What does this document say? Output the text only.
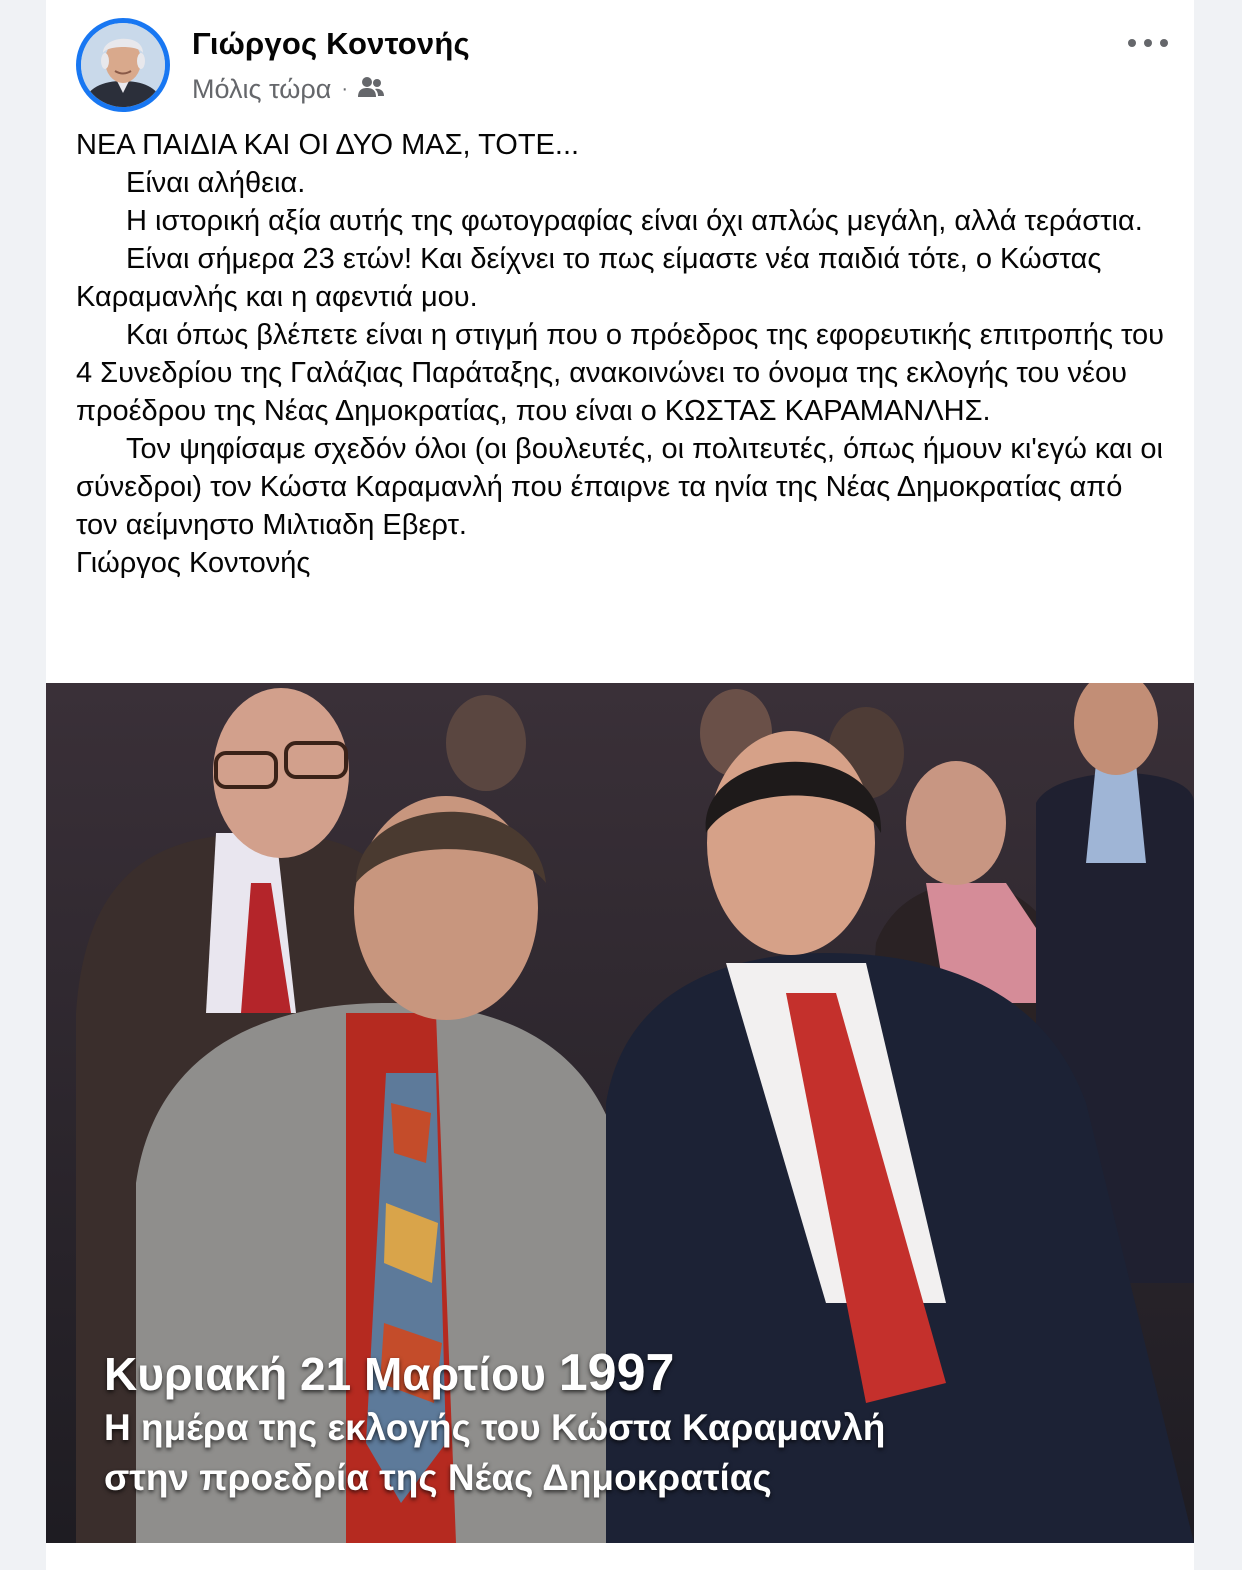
Γιώργος Κοντονής
Μόλις τώρα ·

ΝΕΑ ΠΑΙΔΙΑ ΚΑΙ ΟΙ ΔΥΟ ΜΑΣ, ΤΟΤΕ...

Είναι αλήθεια.

Η ιστορική αξία αυτής της φωτογραφίας είναι όχι απλώς μεγάλη, αλλά τεράστια.

Είναι σήμερα 23 ετών! Και δείχνει το πως είμαστε νέα παιδιά τότε, ο Κώστας Καραμανλής και η αφεντιά μου.

Και όπως βλέπετε είναι η στιγμή που ο πρόεδρος της εφορευτικής επιτροπής του 4 Συνεδρίου της Γαλάζιας Παράταξης, ανακοινώνει το όνομα της εκλογής του νέου προέδρου της Νέας Δημοκρατίας, που είναι ο ΚΩΣΤΑΣ ΚΑΡΑΜΑΝΛΗΣ.

Τον ψηφίσαμε σχεδόν όλοι (οι βουλευτές, οι πολιτευτές, όπως ήμουν κι'εγώ και οι σύνεδροι) τον Κώστα Καραμανλή που έπαιρνε τα ηνία της Νέας Δημοκρατίας από τον αείμνηστο Μιλτιαδη Εβερτ.

Γιώργος Κοντονής

Κυριακή 21 Μαρτίου 1997
Η ημέρα της εκλογής του Κώστα Καραμανλή
στην προεδρία της Νέας Δημοκρατίας
